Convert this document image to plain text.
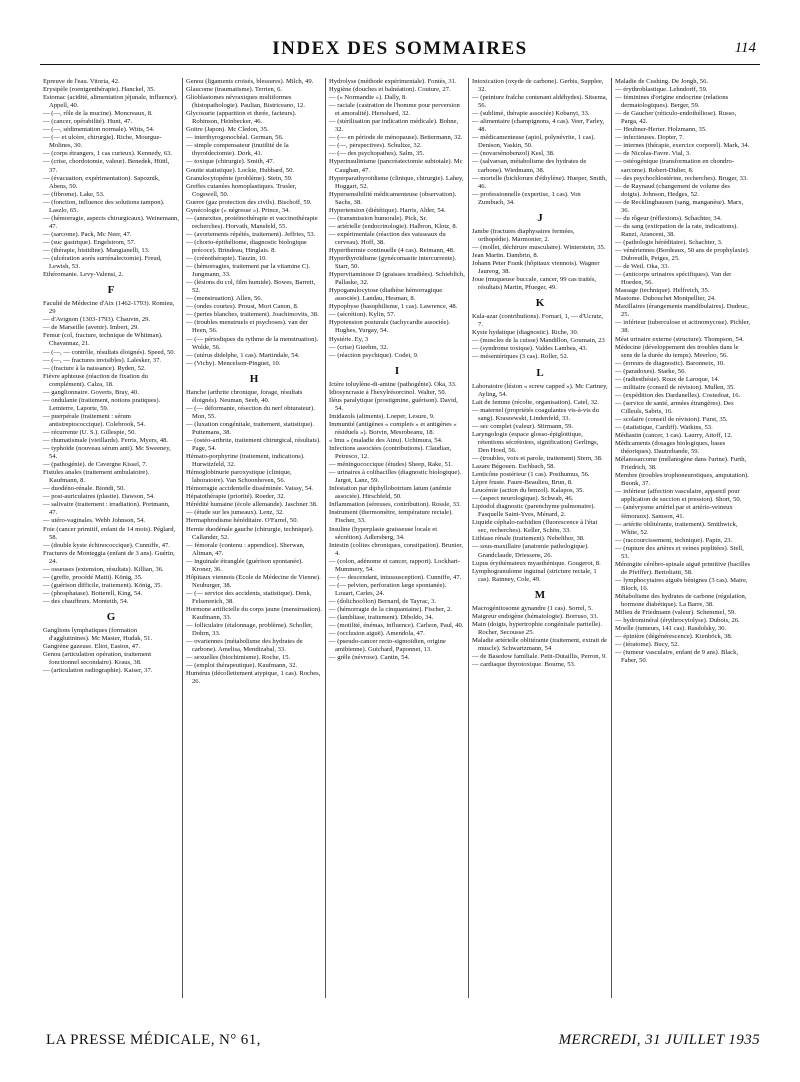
INDEX DES SOMMAIRES	114
Epreuve de l'eau. Vitoria, 42.
Erysipèle (roentgenthérapie). Hanckel, 35.
Estomac (acidité, alimentation jéjunale, influence). Appell, 40.
— (—, rôle de la mucine). Moncreaux, 8.
— (cancer, opérabilité). Hunt, 47.
— (—, sédimentation normale). Witts, 54.
— (— et ulcère, chirurgie). Riche, Mourgue-Molines, 30.
— (corps étrangers, 1 cas curieux). Kennedy, 63.
— (crise, chordotomie, valeur). Benedek, Hüttl, 37.
— (évacuation, expérimentation). Sapoznik, Abens, 50.
— (fibrome). Lake, 53.
— (fonction, influence des solutions tampon). Laszlo, 65.
— (hémorragie, aspects chirurgicaux). Weinemann, 47.
— (sarcome). Pack, Mc Neer, 47.
— (suc gastrique). Engelstrom, 57.
— (thérapie, histidine). Mangianelli, 13.
— (ulcération aorès surrénalectomie). Freud, Lewish, 53.
Ethéromanie. Levy-Valensi, 2.
F
Faculté de Médecine d'Aix (1462-1793). Romieu, 29
— d'Avignon (1303-1793). Chauvin, 29.
— de Marseille (avenir). Imbert, 29.
Femur (col, fracture, technique de Whitman). Chavannaz, 21.
— (—, — contrôle, résultats éloignés). Speed, 50.
— (—, — fractures invisibles). Lalesker, 37.
— (fracture à la naissance). Ryden, 52.
Fièvre aphteuse (réaction de fixation du complément). Calza, 18.
— ganglionnaire. Goverts, Bray, 40.
— ondulante (traitement, notions pratiques). Lemierre, Laporte, 59.
— puerpérale (traitement : sérum antistreptococcique). Colebrook, 54.
— récurrente (U. S.). Gillespie, 50.
— rhumatismale (vieillards). Ferris, Myers, 48.
— typhoïde (nouveau sérum anti). Mc Sweeney, 54.
— (pathogénie). de Cavergne Kissel, 7.
Fistules anales (traitement ambulatoire). Kaufmann, 8.
— duodéno-rénale. Biondi, 50.
— post-auriculaires (plastie). Dawson, 54.
— salivaire (traitement : irradiation). Portmann, 47.
— utéro-vaginales. Webb Johnson, 54.
Foie (cancer primitif, enfant de 14 mois). Péglard, 58.
— (double kyste échinococcique). Cunniffe, 47.
Fractures de Monteggia (enfant de 3 ans). Guérin, 24.
— osseuses (extension, résultats). Killian, 36.
— (greffe, procédé Matti). König, 35.
— (guérison difficile, traitement). König, 35.
— (phosphatase). Botterell, King, 54.
— des chauffeurs. Monteith, 54.
G
Ganglions lymphatiques (formation d'agglutinines). Mc Master, Hudak, 51.
Gangrène gazeuse. Eliot, Easton, 47.
Genou (articulation opération, traitement fonctionnel secondaire). Kraus, 38.
— (articulation radiographie). Kaiser, 37.
Genou (ligaments croisés, blessures). Milch, 49.
Glaucome (traumatisme). Terrien, 6.
Glioblastomes névraxiques multiformes (histopathologie). Paulian, Bistriceano, 12.
Glycosurie (apparition et durée, facteurs). Robinson, Heinbecker, 46.
Goitre (Japon). Mc Cledon, 35.
— interthyrogonochéal. German, 56.
— simple compensateur (inutilité de la thyroïdectomie). Dork, 41.
— toxique (chirurgie). Smith, 47.
Goutte statistique). Lockie, Hubbard, 50.
Granulocytopénie (problème). Stein, 59.
Greffes cutanées homoplastiques. Trusler, Cogswell, 50.
Guerre (gaz protection des civils). Bischoff, 59.
Gynécologie (« négresse »). Prince, 34.
— (annexites, protéinothérapie et vaccinothérapie recherches). Horvath, Mansfeld, 55.
— (avortements répétés, traitement). Jeffries, 53.
— (chorio-épithéliome, diagnostic biologique précoce). Brindeau, Hinglais. 8.
— (crénothérapie). Tauzin, 10.
— (hémorragies, traitement par la vitamine C). Jungmann, 33.
— (lésions du col, film humide). Bowes, Barrett, 52.
— (menstruation). Allen, 56.
— (ondes courtes). Proust, Mori Canon, 8.
— (pertes blanches, traitement). Joachimovits, 38.
— (troubles menstruels et psychoses). van der Heen, 56.
— (— périodiques du rythme de la menstruation). Wolde, 56.
— (utérus didelphe, 1 cas). Martindale, 54.
— (Vichy). Mencelson-Pinguet, 10.
H
Hanche (arthrite chronique, forage, résultats éloignés). Neuman, Seeb, 40.
— (— déformante, résection du nerf obturateur). Mon, 55.
— (luxation congénitale, traitement, statistique). Puttemans, 38.
— (ostéo-arthrite, traitement chirurgical, résultats). Page, 54.
Hémato-porphyrine (traitement, indications). Hurwitzfeld, 32.
Hémoglobinurie paroxystique (clinique, laboratoire). Van Schoonhoven, 56.
Hémorragie accidentelle disséminée. Vaissy, 54.
Hépatothérapie (priorité). Roeder, 32.
Hérédité humaine (école allemande). Jaschner 38.
— (étude sur les jumeaux). Lenz, 32.
Hermaphrodisme héréditaire. O'Farrel, 50.
Hernie duodénale gauche (chirurgie, technique). Callander, 52.
— fémorale (contenu : appendice). Sherwan, Altman, 47.
— inguinale étranglée (guérison spontanée). Kroner, 36.
Hôpitaux viennois (Ecole de Médecine de Vienne). Neuburger, 38.
— (— service des accidents, statistique). Denk, Felsenreich, 38.
Hormone artificielle du corps jaune (menstruation). Kaufmann, 33.
— folliculaire (étalonnage, problème). Scholler, Dohrn, 33.
— ovariennes (métabolisme des hydrates de carbone). Amelisa, Mendizabal, 33.
— sexuelles (biochimisme). Roche, 15.
— (emploi thérapeutique). Kaufmann, 32.
Humérus (décollettement atypique, 1 cas). Roches, 26.
Hydrolyse (méthode expérimentale). Fontès, 31.
Hygiène (douches et balnéation). Couture, 27.
— (« Normandie »). Dally, 8.
— raciale (castration de l'homme pour perversion et amoralité). Hersshard, 32.
— (stérilisation par indication médicale). Bohne, 32.
— (— en période de ménopause). Bettermann, 32.
— (—, perspectives). Schultze, 32.
— (— des psychopathes). Salm, 35.
Hyperinsulinisme (pancréatectomie subtotale). Mc Caughan, 47.
Hyperparathyroïdisme (clinique, chirurgie). Lahey, Hoggart, 52.
Hypersensibilité médicamenteuse (observation). Sachs, 38.
Hypertension (diététique). Harris, Alder, 54.
— (transmission humorale). Pick, Sr.
— artérielle (endocrinologie). Halbron, Klotz, 8.
— expérimentale (réaction des vaisseaux du cerveau). Hoff, 38.
Hyperthermie continuelle (4 cas). Reimann, 48.
Hyperthyroïdisme (gynécomastie intercurrente). Starr, 50.
Hypervitaminose D (graisses irradiées). Schieblich, Pallaske, 32.
Hypoganulocytose (diathèse hémorragique associée). Landau, Hesman, 8.
Hypophyse (basophilisme, 1 cas). Lawrence, 48.
— (sécrétion). Kylin, 57.
Hypotension posturale (tachycardie associée). Hughes, Yurgay, 54.
Hystérie. Ey, 3
— (crise) Gieehm, 32.
— (réaction psychique). Codet, 9.
I
Ictère toluylène-di-amine (pathogénie). Oka, 33.
Idiosyncrasie à l'hexylrésorcinol. Walter, 50.
Iléus paralytique (prostigmine, guérison). David, 54.
Imidazols (aliments). Loeper, Lesure, 9.
Immunité (antigènes « complets » et antigènes « résiduels »). Boivin, Mesrobeanu, 18.
« Imu » (maladie des Ainu). Uchimura, 54.
Infections associées (contributions). Claudian, Petresco, 12.
— méningococcique (études) Sheep, Rake, 51.
— urinaires à colibacilles (diagnostic biologique). Jargot, Lanz, 59.
Infestation par diphyllobotrium latum (anémie associée). Hirschfeld, 50.
Inflammation (séreuses, contribution). Rossle, 33.
Instrument (thermomètre, température rectale). Fischer, 33.
Insuline (hyperplasie graisseuse locale et sécrétion). Adlersberg, 34.
Intestin (colites chroniques, constipation). Brunier, 4.
— (colon, adénome et cancer, rapport). Lockhart-Mummery, 54.
— (— descendant, intussusception). Cunniffe, 47.
— (— pelvien, perforation large spontanée). Louart, Carles, 24.
— (dolichocôlon) Bernard, de Tayrac, 3.
— (hémorragie de la cinquantaine). Fischer, 2.
— (lambliase, traitement). Diboldo, 34.
— (motilité, énémas, influence). Carlson, Paul, 40.
— (occlusion aiguë). Amendola, 47.
— (pseudo-cancer recto-sigmoïdien, origine amibienne). Guichard, Paponnet, 13.
— grêle (névrose). Cantin, 54.
Intoxication (oxyde de carbone). Gerbis, Supplee, 32.
— (peinture fraîche contenant aldéhydes). Sitsema, 56.
— (sublimé, thérapie associée) Kobanyi, 33.
— alimentaire (champignons, 4 cas). Veer, Farley, 48.
— médicamenteuse (apiol, polynévrite, 1 cas). Denison, Yaskin, 50.
— (novarsénobenzol) Kesl, 38.
— (salvarsan, métabolisme des hydrates de carbone). Wiedmann, 38.
— mortelle (bichlorure d'éthylène). Hueper, Smith, 46.
— professionnelle (expertise, 1 cas). Von Zumbuch, 34.
J
Jambe (fractures diaphysaires fermées, orthopédie). Marmonier, 2.
— (mollet, déchirure musculaire). Winterstein, 35.
Jean Martin. Dambrin, 8.
Johann Peter Frank (hôpitaux viennois). Wagner Jaureog, 38.
Joue (muqueuse buccale, cancer, 99 cas traités, résultats) Martin, Pfueger, 49.
K
Kala-azar (contributions). Fornari, 1, — d'Ucratz, 7.
Kyste hydatique (diagnostic). Riche, 30.
— (muscles de la cuisse) Mandillon, Goumain, 23
— (syndrome toxique). Valdes Lambea, 43.
— mésentériques (3 cas). Roller, 52.
L
Laboratoire (lésion « screw capped »). Mc Cartney, Ayling, 54.
Lait de femme (récolte, organisation). Catel, 32.
— maternel (propriétés coagulantes vis-à-vis du sang). Kraszewski, Lindenfeld, 33.
— sec complet (valeur). Stirmann, 59.
Laryngologie (espace glosso-épiglottique, rétentions sécrétoires, signification) Gerlings, Den Hoed, 56.
— (troubles, voix et parole, traitement) Stern, 38.
Lazare Bégouen. Eschbach, 58.
Lenticône postérieur (1 cas). Posthumus, 56.
Lèpre fruste. Faure-Beaulieu, Brun, 8.
Leucémie (action du benzol). Kalapos, 35.
— (aspect neurologique). Schwab, 46.
Lipiodol diagnostic (parenchyme pulmonaire). Fasquelle Saint-Yves, Ménard, 2.
Liquide céphalo-rachidien (fluorescence à l'état sec, recherches). Keller, Schön, 33.
Lithiase rénale (traitement). Nebelthor, 38.
— sous-maxillaire (anatomie pathologique). Grandclaude, Driessens, 26.
Lupus érythémateux myasthénique. Gougerot, 8.
Lymphogranulome inguinal (stricture rectale, 1 cas). Rainney, Cole, 49.
M
Macrogénitosome gynandre (1 cas). Sorrel, 5.
Maigreur endogène (hématologie). Borruso, 33.
Main (doigts, hypertrophie congénitale partielle). Rocher, Secousse 25.
Maladie artérielle oblitérante (traitement, extrait de muscle). Schwartzmann, 54
— de Basedow familiale. Petit-Dutaillis, Perron, 9.
— cardiaque thyrotoxique. Bourne, 53.
Maladie de Cushing. De Jongh, 56.
— érythroblastique. Lehndorff, 59.
— féminines d'origine endocrine (relations dermatologiques). Berger, 59.
— de Gaucher (réticulo-endothéliose). Russo, Parga, 42.
— Heubner-Herter. Holzmann, 35.
— infectieuses. Dopter, 7.
— internes (thérapie, exercice corporel). Mark, 34.
— de Nicolas-Favre. Vial, 3.
— ostéogénique (transformation en chondro-sarcome). Robert-Didier, 8.
— des psychochlostérine, recherches). Bruger, 33.
— de Raynaud (changement de volume des doigts). Johnson, Hedges, 52.
— de Recklinghausen (sang, manganèse). Marx, 36.
— du rôgeur (réflexions). Schachter, 34.
— du sang (extirpation de la rate, indications). Ranzi, Aranceni, 38.
— (pathologie héréditaire). Schachter, 3.
— vénériennes (Bordeaux, 50 ans de prophylaxie). Dubreuilh, Petges, 25.
— de Weil. Oka, 33.
— (anticorps urinaires spécifiques). Van der Hoeden, 56.
Massage (technique). Helfreich, 35.
Mastome. Dubouchet Montpellier, 24.
Maxillaires (érangements mandibulaires). Dudeuc, 25.
— inférieur (tuberculose et actinomycose). Pichler, 38.
Méat urinaire externe (structure). Thompson, 54.
Médecine (développement des troubles dans le sens de la durée du temps). Meerloo, 56.
— (erreurs de diagnostic). Baronneix, 10.
— (paradoxes). Starke, 56.
— (radiesthésie). Roux de Laroque, 14.
— militaire (conseil de révision). Mullen, 35.
— (expédition des Dardanelles). Costedoat, 16.
— (service de santé, armées étrangères). Des Cilleuls, Sabris, 16.
— scolaire (conseil de révision). Furst, 35.
— (statistique, Cardiff). Watkins, 53.
Médiastin (cancer, 1 cas). Laurry, Aitoff, 12.
Médicaments (dosages biologiques, bases théoriques). Dautrebande, 59.
Mélanosarcome (mélanogène dans l'urine). Furth, Friedrich, 38.
Membre (troubles trophoneurotiques, amputation). Buonk, 37.
— inférieur (affection vasculaire, appareil pour application de succion et pression). Short, 50.
— (anévrysme artériel par et artério-veineux fémoraux). Samson, 41.
— artérite oblitérante, traitement). Smithwick, White, 52.
— (raccourcissement, technique). Papin, 23.
— (rupture des artères et veines poplitées). Stell, 53.
Méningite cérébro-spinale aiguë primitive (bacilles de Pfeiffer). Bertoliatti, 58.
— lymphocytaires aiguës bénignes (3 cas). Maire, Bloch, 16.
Métabolisme des hydrates de carbone (régulation, hormone diabétique). La Barre, 38.
Milieu de Friedmann (valeur). Schemmel, 59.
— hydrominéral (érythrocytolyse). Dubois, 26.
Moelle (tumeurs, 141 cas). Rasdolsky, 36.
— épinière (dégénérescence). Kienböck, 38.
— (tératome). Bucy, 52.
— (tumeur vasculaire, enfant de 9 ans). Black, Faber, 50.
LA PRESSE MÉDICALE, N° 61,	MERCREDI, 31 JUILLET 1935
